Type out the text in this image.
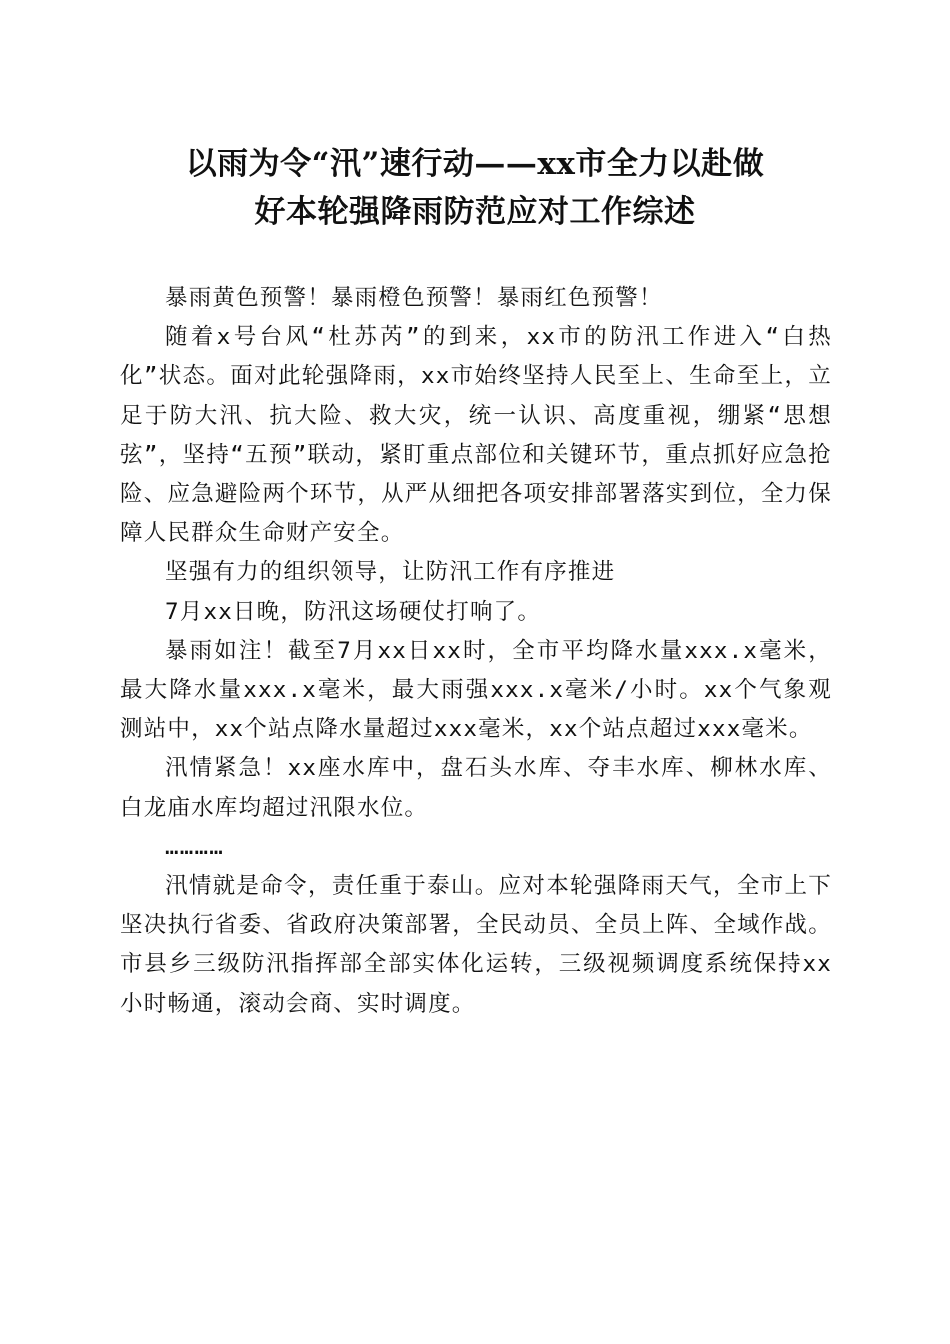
以雨为令“汛”速行动——xx市全力以赴做
好本轮强降雨防范应对工作综述

暴雨黄色预警！暴雨橙色预警！暴雨红色预警！

随着x号台风“杜苏芮”的到来，xx市的防汛工作进入“白热化”状态。面对此轮强降雨，xx市始终坚持人民至上、生命至上，立足于防大汛、抗大险、救大灾，统一认识、高度重视，绷紧“思想弦”，坚持“五预”联动，紧盯重点部位和关键环节，重点抓好应急抢险、应急避险两个环节，从严从细把各项安排部署落实到位，全力保障人民群众生命财产安全。

坚强有力的组织领导，让防汛工作有序推进

7月xx日晚，防汛这场硬仗打响了。

暴雨如注！截至7月xx日xx时，全市平均降水量xxx.x毫米，最大降水量xxx.x毫米，最大雨强xxx.x毫米/小时。xx个气象观测站中，xx个站点降水量超过xxx毫米，xx个站点超过xxx毫米。

汛情紧急！xx座水库中，盘石头水库、夺丰水库、柳林水库、白龙庙水库均超过汛限水位。

…………

汛情就是命令，责任重于泰山。应对本轮强降雨天气，全市上下坚决执行省委、省政府决策部署，全民动员、全员上阵、全域作战。市县乡三级防汛指挥部全部实体化运转，三级视频调度系统保持xx小时畅通，滚动会商、实时调度。
